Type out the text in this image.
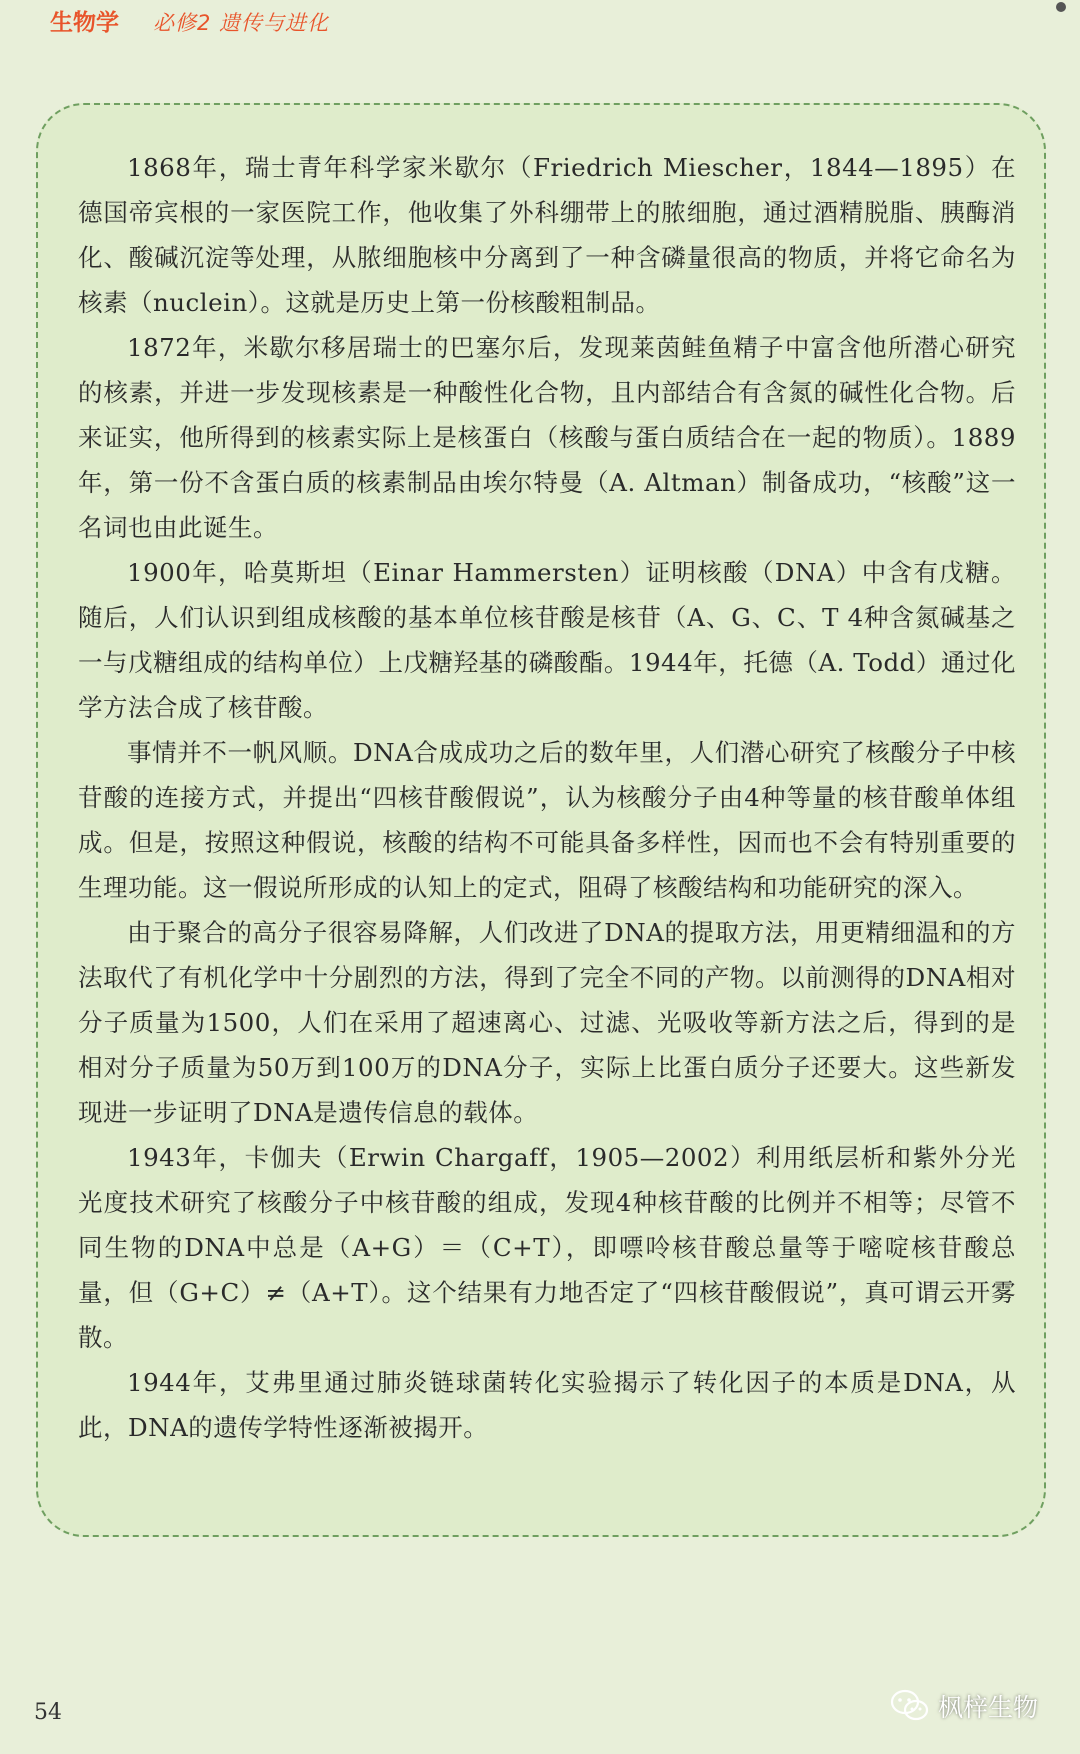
生物学 必修2 遗传与进化

1868年，瑞士青年科学家米歇尔（Friedrich Miescher，1844—1895）在德国帝宾根的一家医院工作，他收集了外科绷带上的脓细胞，通过酒精脱脂、胰酶消化、酸碱沉淀等处理，从脓细胞核中分离到了一种含磷量很高的物质，并将它命名为核素（nuclein）。这就是历史上第一份核酸粗制品。

1872年，米歇尔移居瑞士的巴塞尔后，发现莱茵鲑鱼精子中富含他所潜心研究的核素，并进一步发现核素是一种酸性化合物，且内部结合有含氮的碱性化合物。后来证实，他所得到的核素实际上是核蛋白（核酸与蛋白质结合在一起的物质）。1889年，第一份不含蛋白质的核素制品由埃尔特曼（A. Altman）制备成功，“核酸”这一名词也由此诞生。

1900年，哈莫斯坦（Einar Hammersten）证明核酸（DNA）中含有戊糖。随后，人们认识到组成核酸的基本单位核苷酸是核苷（A、G、C、T 4种含氮碱基之一与戊糖组成的结构单位）上戊糖羟基的磷酸酯。1944年，托德（A. Todd）通过化学方法合成了核苷酸。

事情并不一帆风顺。DNA合成成功之后的数年里，人们潜心研究了核酸分子中核苷酸的连接方式，并提出“四核苷酸假说”，认为核酸分子由4种等量的核苷酸单体组成。但是，按照这种假说，核酸的结构不可能具备多样性，因而也不会有特别重要的生理功能。这一假说所形成的认知上的定式，阻碍了核酸结构和功能研究的深入。

由于聚合的高分子很容易降解，人们改进了DNA的提取方法，用更精细温和的方法取代了有机化学中十分剧烈的方法，得到了完全不同的产物。以前测得的DNA相对分子质量为1500，人们在采用了超速离心、过滤、光吸收等新方法之后，得到的是相对分子质量为50万到100万的DNA分子，实际上比蛋白质分子还要大。这些新发现进一步证明了DNA是遗传信息的载体。

1943年，卡伽夫（Erwin Chargaff，1905—2002）利用纸层析和紫外分光光度技术研究了核酸分子中核苷酸的组成，发现4种核苷酸的比例并不相等；尽管不同生物的DNA中总是（A+G）＝（C+T），即嘌呤核苷酸总量等于嘧啶核苷酸总量，但（G+C）≠（A+T）。这个结果有力地否定了“四核苷酸假说”，真可谓云开雾散。

1944年，艾弗里通过肺炎链球菌转化实验揭示了转化因子的本质是DNA，从此，DNA的遗传学特性逐渐被揭开。

54	枫梓生物
